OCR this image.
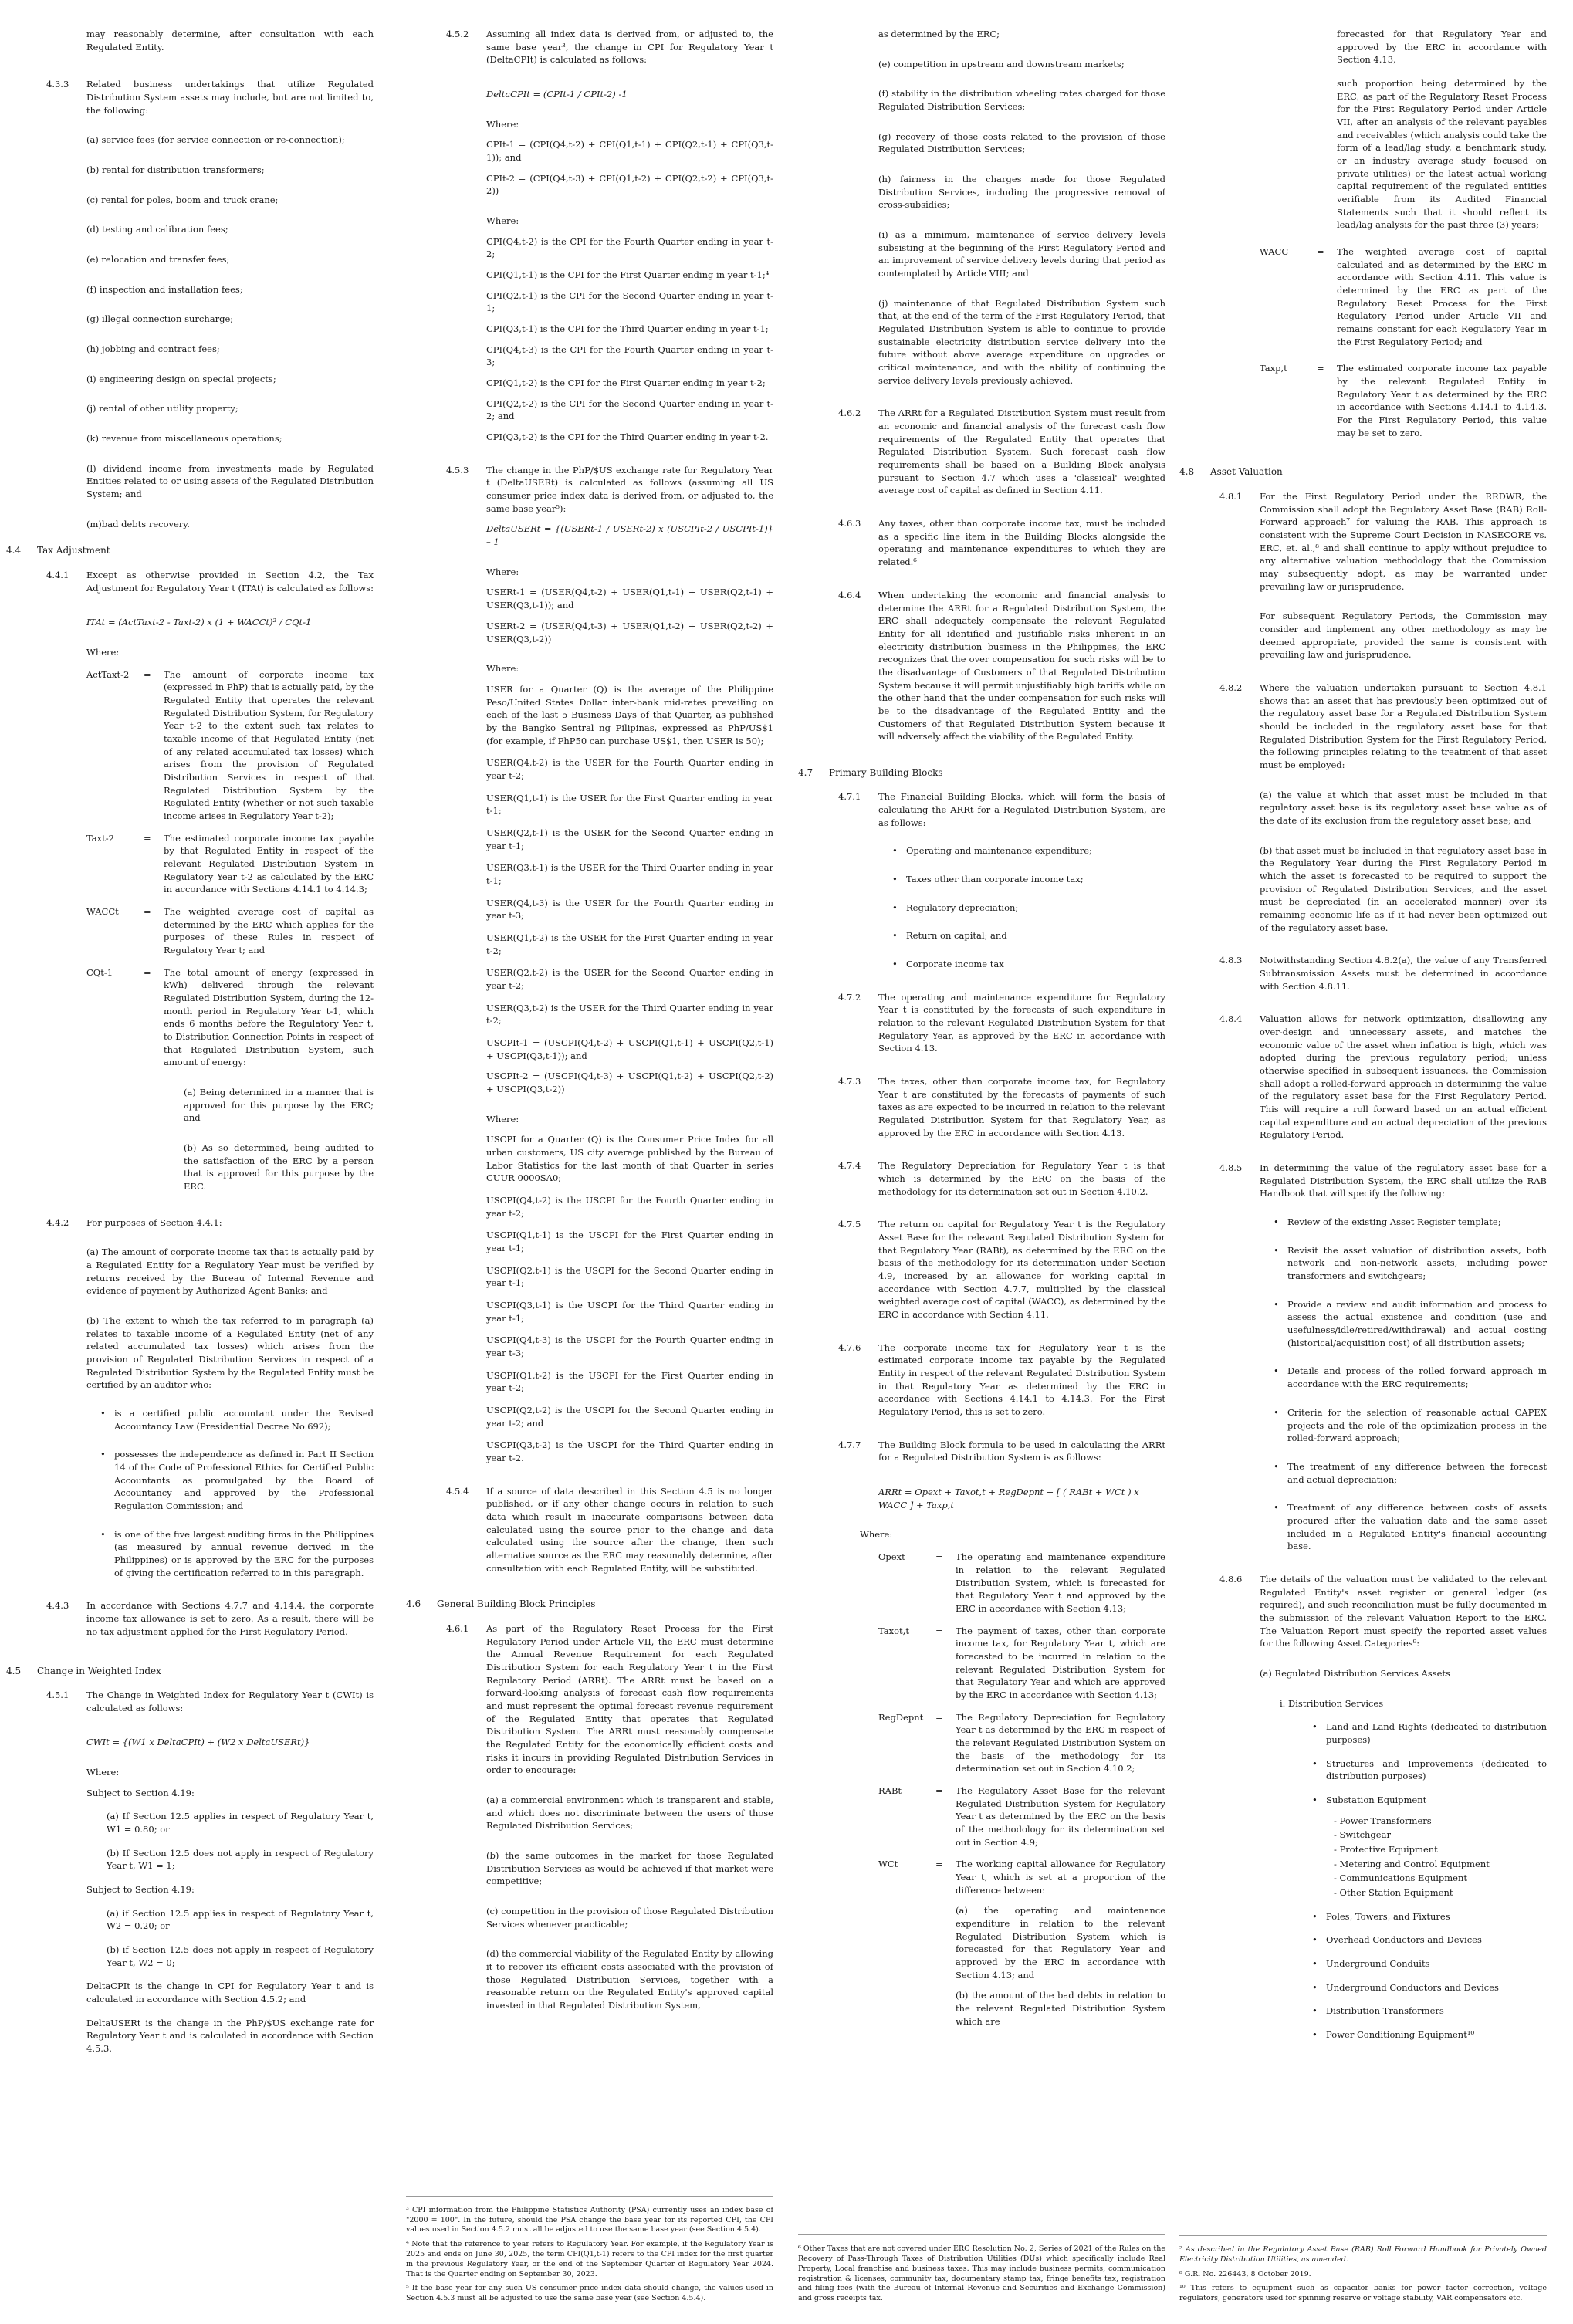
may reasonably determine, after consultation with each Regulated Entity.
4.3.3	Related business undertakings that utilize Regulated Distribution System assets may include, but are not limited to, the following:
(a) service fees (for service connection or re-connection);
(b) rental for distribution transformers;
(c) rental for poles, boom and truck crane;
(d) testing and calibration fees;
(e) relocation and transfer fees;
(f) inspection and installation fees;
(g) illegal connection surcharge;
(h) jobbing and contract fees;
(i) engineering design on special projects;
(j) rental of other utility property;
(k) revenue from miscellaneous operations;
(l) dividend income from investments made by Regulated Entities related to or using assets of the Regulated Distribution System; and
(m)bad debts recovery.
4.4 Tax Adjustment
4.4.1	Except as otherwise provided in Section 4.2, the Tax Adjustment for Regulatory Year t (ITAt) is calculated as follows:
ITAt = (ActTaxt-2 - Taxt-2) x (1 + WACCt)² / CQt-1
Where:
ActTaxt-2	=	The amount of corporate income tax (expressed in PhP) that is actually paid, by the Regulated Entity that operates the relevant Regulated Distribution System, for Regulatory Year t-2 to the extent such tax relates to taxable income of that Regulated Entity (net of any related accumulated tax losses) which arises from the provision of Regulated Distribution Services in respect of that Regulated Distribution System by the Regulated Entity (whether or not such taxable income arises in Regulatory Year t-2);
Taxt-2	=	The estimated corporate income tax payable by that Regulated Entity in respect of the relevant Regulated Distribution System in Regulatory Year t-2 as calculated by the ERC in accordance with Sections 4.14.1 to 4.14.3;
WACCt	=	The weighted average cost of capital as determined by the ERC which applies for the purposes of these Rules in respect of Regulatory Year t; and
CQt-1	=	The total amount of energy (expressed in kWh) delivered through the relevant Regulated Distribution System, during the 12-month period in Regulatory Year t-1, which ends 6 months before the Regulatory Year t, to Distribution Connection Points in respect of that Regulated Distribution System, such amount of energy:
(a) Being determined in a manner that is approved for this purpose by the ERC; and
(b) As so determined, being audited to the satisfaction of the ERC by a person that is approved for this purpose by the ERC.
4.4.2	For purposes of Section 4.4.1:
(a) The amount of corporate income tax that is actually paid by a Regulated Entity for a Regulatory Year must be verified by returns received by the Bureau of Internal Revenue and evidence of payment by Authorized Agent Banks; and
(b) The extent to which the tax referred to in paragraph (a) relates to taxable income of a Regulated Entity (net of any related accumulated tax losses) which arises from the provision of Regulated Distribution Services in respect of a Regulated Distribution System by the Regulated Entity must be certified by an auditor who:
• is a certified public accountant under the Revised Accountancy Law (Presidential Decree No.692);
• possesses the independence as defined in Part II Section 14 of the Code of Professional Ethics for Certified Public Accountants as promulgated by the Board of Accountancy and approved by the Professional Regulation Commission; and
• is one of the five largest auditing firms in the Philippines (as measured by annual revenue derived in the Philippines) or is approved by the ERC for the purposes of giving the certification referred to in this paragraph.
4.4.3	In accordance with Sections 4.7.7 and 4.14.4, the corporate income tax allowance is set to zero. As a result, there will be no tax adjustment applied for the First Regulatory Period.
4.5 Change in Weighted Index
4.5.1	The Change in Weighted Index for Regulatory Year t (CWIt) is calculated as follows:
CWIt = {(W1 x DeltaCPIt) + (W2 x DeltaUSERt)}
Where:
Subject to Section 4.19:
(a) If Section 12.5 applies in respect of Regulatory Year t, W1 = 0.80; or
(b) If Section 12.5 does not apply in respect of Regulatory Year t, W1 = 1;
Subject to Section 4.19:
(a) if Section 12.5 applies in respect of Regulatory Year t, W2 = 0.20; or
(b) if Section 12.5 does not apply in respect of Regulatory Year t, W2 = 0;
DeltaCPIt is the change in CPI for Regulatory Year t and is calculated in accordance with Section 4.5.2; and
DeltaUSERt is the change in the PhP/$US exchange rate for Regulatory Year t and is calculated in accordance with Section 4.5.3.
4.5.2	Assuming all index data is derived from, or adjusted to, the same base year³, the change in CPI for Regulatory Year t (DeltaCPIt) is calculated as follows:
DeltaCPIt = (CPIt-1 / CPIt-2) -1
Where:
CPIt-1 = (CPI(Q4,t-2) + CPI(Q1,t-1) + CPI(Q2,t-1) + CPI(Q3,t-1)); and
CPIt-2 = (CPI(Q4,t-3) + CPI(Q1,t-2) + CPI(Q2,t-2) + CPI(Q3,t-2))
Where:
CPI(Q4,t-2) is the CPI for the Fourth Quarter ending in year t-2;
CPI(Q1,t-1) is the CPI for the First Quarter ending in year t-1;⁴
CPI(Q2,t-1) is the CPI for the Second Quarter ending in year t-1;
CPI(Q3,t-1) is the CPI for the Third Quarter ending in year t-1;
CPI(Q4,t-3) is the CPI for the Fourth Quarter ending in year t-3;
CPI(Q1,t-2) is the CPI for the First Quarter ending in year t-2;
CPI(Q2,t-2) is the CPI for the Second Quarter ending in year t-2; and
CPI(Q3,t-2) is the CPI for the Third Quarter ending in year t-2.
4.5.3	The change in the PhP/$US exchange rate for Regulatory Year t (DeltaUSERt) is calculated as follows (assuming all US consumer price index data is derived from, or adjusted to, the same base year⁵):
DeltaUSERt = {(USERt-1 / USERt-2) x (USCPIt-2 / USCPIt-1)} – 1
Where:
USERt-1 = (USER(Q4,t-2) + USER(Q1,t-1) + USER(Q2,t-1) + USER(Q3,t-1)); and
USERt-2 = (USER(Q4,t-3) + USER(Q1,t-2) + USER(Q2,t-2) + USER(Q3,t-2))
Where:
USER for a Quarter (Q) is the average of the Philippine Peso/United States Dollar inter-bank mid-rates prevailing on each of the last 5 Business Days of that Quarter, as published by the Bangko Sentral ng Pilipinas, expressed as PhP/US$1 (for example, if PhP50 can purchase US$1, then USER is 50);
USER(Q4,t-2) is the USER for the Fourth Quarter ending in year t-2;
USER(Q1,t-1) is the USER for the First Quarter ending in year t-1;
USER(Q2,t-1) is the USER for the Second Quarter ending in year t-1;
USER(Q3,t-1) is the USER for the Third Quarter ending in year t-1;
USER(Q4,t-3) is the USER for the Fourth Quarter ending in year t-3;
USER(Q1,t-2) is the USER for the First Quarter ending in year t-2;
USER(Q2,t-2) is the USER for the Second Quarter ending in year t-2;
USER(Q3,t-2) is the USER for the Third Quarter ending in year t-2;
USCPIt-1 = (USCPI(Q4,t-2) + USCPI(Q1,t-1) + USCPI(Q2,t-1) + USCPI(Q3,t-1)); and
USCPIt-2 = (USCPI(Q4,t-3) + USCPI(Q1,t-2) + USCPI(Q2,t-2) + USCPI(Q3,t-2))
Where:
USCPI for a Quarter (Q) is the Consumer Price Index for all urban customers, US city average published by the Bureau of Labor Statistics for the last month of that Quarter in series CUUR 0000SA0;
USCPI(Q4,t-2) is the USCPI for the Fourth Quarter ending in year t-2;
USCPI(Q1,t-1) is the USCPI for the First Quarter ending in year t-1;
USCPI(Q2,t-1) is the USCPI for the Second Quarter ending in year t-1;
USCPI(Q3,t-1) is the USCPI for the Third Quarter ending in year t-1;
USCPI(Q4,t-3) is the USCPI for the Fourth Quarter ending in year t-3;
USCPI(Q1,t-2) is the USCPI for the First Quarter ending in year t-2;
USCPI(Q2,t-2) is the USCPI for the Second Quarter ending in year t-2; and
USCPI(Q3,t-2) is the USCPI for the Third Quarter ending in year t-2.
4.5.4	If a source of data described in this Section 4.5 is no longer published, or if any other change occurs in relation to such data which result in inaccurate comparisons between data calculated using the source prior to the change and data calculated using the source after the change, then such alternative source as the ERC may reasonably determine, after consultation with each Regulated Entity, will be substituted.
4.6 General Building Block Principles
4.6.1	As part of the Regulatory Reset Process for the First Regulatory Period under Article VII, the ERC must determine the Annual Revenue Requirement for each Regulated Distribution System for each Regulatory Year t in the First Regulatory Period (ARRt). The ARRt must be based on a forward-looking analysis of forecast cash flow requirements and must represent the optimal forecast revenue requirement of the Regulated Entity that operates that Regulated Distribution System. The ARRt must reasonably compensate the Regulated Entity for the economically efficient costs and risks it incurs in providing Regulated Distribution Services in order to encourage:
(a) a commercial environment which is transparent and stable, and which does not discriminate between the users of those Regulated Distribution Services;
(b) the same outcomes in the market for those Regulated Distribution Services as would be achieved if that market were competitive;
(c) competition in the provision of those Regulated Distribution Services whenever practicable;
(d) the commercial viability of the Regulated Entity by allowing it to recover its efficient costs associated with the provision of those Regulated Distribution Services, together with a reasonable return on the Regulated Entity's approved capital invested in that Regulated Distribution System,
³ CPI information from the Philippine Statistics Authority (PSA) currently uses an index base of "2000 = 100". In the future, should the PSA change the base year for its reported CPI, the CPI values used in Section 4.5.2 must all be adjusted to use the same base year (see Section 4.5.4).
⁴ Note that the reference to year refers to Regulatory Year. For example, if the Regulatory Year is 2025 and ends on June 30, 2025, the term CPI(Q1,t-1) refers to the CPI index for the first quarter in the previous Regulatory Year, or the end of the September Quarter of Regulatory Year 2024. That is the Quarter ending on September 30, 2023.
⁵ If the base year for any such US consumer price index data should change, the values used in Section 4.5.3 must all be adjusted to use the same base year (see Section 4.5.4).
as determined by the ERC;
(e) competition in upstream and downstream markets;
(f) stability in the distribution wheeling rates charged for those Regulated Distribution Services;
(g) recovery of those costs related to the provision of those Regulated Distribution Services;
(h) fairness in the charges made for those Regulated Distribution Services, including the progressive removal of cross-subsidies;
(i) as a minimum, maintenance of service delivery levels subsisting at the beginning of the First Regulatory Period and an improvement of service delivery levels during that period as contemplated by Article VIII; and
(j) maintenance of that Regulated Distribution System such that, at the end of the term of the First Regulatory Period, that Regulated Distribution System is able to continue to provide sustainable electricity distribution service delivery into the future without above average expenditure on upgrades or critical maintenance, and with the ability of continuing the service delivery levels previously achieved.
4.6.2	The ARRt for a Regulated Distribution System must result from an economic and financial analysis of the forecast cash flow requirements of the Regulated Entity that operates that Regulated Distribution System. Such forecast cash flow requirements shall be based on a Building Block analysis pursuant to Section 4.7 which uses a 'classical' weighted average cost of capital as defined in Section 4.11.
4.6.3	Any taxes, other than corporate income tax, must be included as a specific line item in the Building Blocks alongside the operating and maintenance expenditures to which they are related.⁶
4.6.4	When undertaking the economic and financial analysis to determine the ARRt for a Regulated Distribution System, the ERC shall adequately compensate the relevant Regulated Entity for all identified and justifiable risks inherent in an electricity distribution business in the Philippines, the ERC recognizes that the over compensation for such risks will be to the disadvantage of Customers of that Regulated Distribution System because it will permit unjustifiably high tariffs while on the other hand that the under compensation for such risks will be to the disadvantage of the Regulated Entity and the Customers of that Regulated Distribution System because it will adversely affect the viability of the Regulated Entity.
4.7 Primary Building Blocks
4.7.1	The Financial Building Blocks, which will form the basis of calculating the ARRt for a Regulated Distribution System, are as follows:
• Operating and maintenance expenditure;
• Taxes other than corporate income tax;
• Regulatory depreciation;
• Return on capital; and
• Corporate income tax
4.7.2	The operating and maintenance expenditure for Regulatory Year t is constituted by the forecasts of such expenditure in relation to the relevant Regulated Distribution System for that Regulatory Year, as approved by the ERC in accordance with Section 4.13.
4.7.3	The taxes, other than corporate income tax, for Regulatory Year t are constituted by the forecasts of payments of such taxes as are expected to be incurred in relation to the relevant Regulated Distribution System for that Regulatory Year, as approved by the ERC in accordance with Section 4.13.
4.7.4	The Regulatory Depreciation for Regulatory Year t is that which is determined by the ERC on the basis of the methodology for its determination set out in Section 4.10.2.
4.7.5	The return on capital for Regulatory Year t is the Regulatory Asset Base for the relevant Regulated Distribution System for that Regulatory Year (RABt), as determined by the ERC on the basis of the methodology for its determination under Section 4.9, increased by an allowance for working capital in accordance with Section 4.7.7, multiplied by the classical weighted average cost of capital (WACC), as determined by the ERC in accordance with Section 4.11.
4.7.6	The corporate income tax for Regulatory Year t is the estimated corporate income tax payable by the Regulated Entity in respect of the relevant Regulated Distribution System in that Regulatory Year as determined by the ERC in accordance with Sections 4.14.1 to 4.14.3. For the First Regulatory Period, this is set to zero.
4.7.7	The Building Block formula to be used in calculating the ARRt for a Regulated Distribution System is as follows:
ARRt = Opext + Taxot,t + RegDepnt + [ ( RABt + WCt ) x WACC ] + Taxp,t
Where:
Opext	=	The operating and maintenance expenditure in relation to the relevant Regulated Distribution System, which is forecasted for that Regulatory Year t and approved by the ERC in accordance with Section 4.13;
Taxot,t	=	The payment of taxes, other than corporate income tax, for Regulatory Year t, which are forecasted to be incurred in relation to the relevant Regulated Distribution System for that Regulatory Year and which are approved by the ERC in accordance with Section 4.13;
RegDepnt	=	The Regulatory Depreciation for Regulatory Year t as determined by the ERC in respect of the relevant Regulated Distribution System on the basis of the methodology for its determination set out in Section 4.10.2;
RABt	=	The Regulatory Asset Base for the relevant Regulated Distribution System for Regulatory Year t as determined by the ERC on the basis of the methodology for its determination set out in Section 4.9;
WCt	=	The working capital allowance for Regulatory Year t, which is set at a proportion of the difference between:
(a) the operating and maintenance expenditure in relation to the relevant Regulated Distribution System which is forecasted for that Regulatory Year and approved by the ERC in accordance with Section 4.13; and
(b) the amount of the bad debts in relation to the relevant Regulated Distribution System which are
⁶ Other Taxes that are not covered under ERC Resolution No. 2, Series of 2021 of the Rules on the Recovery of Pass-Through Taxes of Distribution Utilities (DUs) which specifically include Real Property, Local franchise and business taxes. This may include business permits, communication registration & licenses, community tax, documentary stamp tax, fringe benefits tax, registration and filing fees (with the Bureau of Internal Revenue and Securities and Exchange Commission) and gross receipts tax.
forecasted for that Regulatory Year and approved by the ERC in accordance with Section 4.13,
such proportion being determined by the ERC, as part of the Regulatory Reset Process for the First Regulatory Period under Article VII, after an analysis of the relevant payables and receivables (which analysis could take the form of a lead/lag study, a benchmark study, or an industry average study focused on private utilities) or the latest actual working capital requirement of the regulated entities verifiable from its Audited Financial Statements such that it should reflect its lead/lag analysis for the past three (3) years;
WACC	=	The weighted average cost of capital calculated and as determined by the ERC in accordance with Section 4.11. This value is determined by the ERC as part of the Regulatory Reset Process for the First Regulatory Period under Article VII and remains constant for each Regulatory Year in the First Regulatory Period; and
Taxp,t	=	The estimated corporate income tax payable by the relevant Regulated Entity in Regulatory Year t as determined by the ERC in accordance with Sections 4.14.1 to 4.14.3. For the First Regulatory Period, this value may be set to zero.
4.8 Asset Valuation
4.8.1	For the First Regulatory Period under the RRDWR, the Commission shall adopt the Regulatory Asset Base (RAB) Roll-Forward approach⁷ for valuing the RAB. This approach is consistent with the Supreme Court Decision in NASECORE vs. ERC, et. al.,⁸ and shall continue to apply without prejudice to any alternative valuation methodology that the Commission may subsequently adopt, as may be warranted under prevailing law or jurisprudence.
For subsequent Regulatory Periods, the Commission may consider and implement any other methodology as may be deemed appropriate, provided the same is consistent with prevailing law and jurisprudence.
4.8.2	Where the valuation undertaken pursuant to Section 4.8.1 shows that an asset that has previously been optimized out of the regulatory asset base for a Regulated Distribution System should be included in the regulatory asset base for that Regulated Distribution System for the First Regulatory Period, the following principles relating to the treatment of that asset must be employed:
(a) the value at which that asset must be included in that regulatory asset base is its regulatory asset base value as of the date of its exclusion from the regulatory asset base; and
(b) that asset must be included in that regulatory asset base in the Regulatory Year during the First Regulatory Period in which the asset is forecasted to be required to support the provision of Regulated Distribution Services, and the asset must be depreciated (in an accelerated manner) over its remaining economic life as if it had never been optimized out of the regulatory asset base.
4.8.3	Notwithstanding Section 4.8.2(a), the value of any Transferred Subtransmission Assets must be determined in accordance with Section 4.8.11.
4.8.4	Valuation allows for network optimization, disallowing any over-design and unnecessary assets, and matches the economic value of the asset when inflation is high, which was adopted during the previous regulatory period; unless otherwise specified in subsequent issuances, the Commission shall adopt a rolled-forward approach in determining the value of the regulatory asset base for the First Regulatory Period. This will require a roll forward based on an actual efficient capital expenditure and an actual depreciation of the previous Regulatory Period.
4.8.5	In determining the value of the regulatory asset base for a Regulated Distribution System, the ERC shall utilize the RAB Handbook that will specify the following:
• Review of the existing Asset Register template;
• Revisit the asset valuation of distribution assets, both network and non-network assets, including power transformers and switchgears;
• Provide a review and audit information and process to assess the actual existence and condition (use and usefulness/idle/retired/withdrawal) and actual costing (historical/acquisition cost) of all distribution assets;
• Details and process of the rolled forward approach in accordance with the ERC requirements;
• Criteria for the selection of reasonable actual CAPEX projects and the role of the optimization process in the rolled-forward approach;
• The treatment of any difference between the forecast and actual depreciation;
• Treatment of any difference between costs of assets procured after the valuation date and the same asset included in a Regulated Entity's financial accounting base.
4.8.6	The details of the valuation must be validated to the relevant Regulated Entity's asset register or general ledger (as required), and such reconciliation must be fully documented in the submission of the relevant Valuation Report to the ERC. The Valuation Report must specify the reported asset values for the following Asset Categories⁹:
(a) Regulated Distribution Services Assets
i. Distribution Services
• Land and Land Rights (dedicated to distribution purposes)
• Structures and Improvements (dedicated to distribution purposes)
• Substation Equipment
- Power Transformers
- Switchgear
- Protective Equipment
- Metering and Control Equipment
- Communications Equipment
- Other Station Equipment
• Poles, Towers, and Fixtures
• Overhead Conductors and Devices
• Underground Conduits
• Underground Conductors and Devices
• Distribution Transformers
• Power Conditioning Equipment¹⁰
⁷ As described in the Regulatory Asset Base (RAB) Roll Forward Handbook for Privately Owned Electricity Distribution Utilities, as amended.
⁸ G.R. No. 226443, 8 October 2019.
¹⁰ This refers to equipment such as capacitor banks for power factor correction, voltage regulators, generators used for spinning reserve or voltage stability, VAR compensators etc.
